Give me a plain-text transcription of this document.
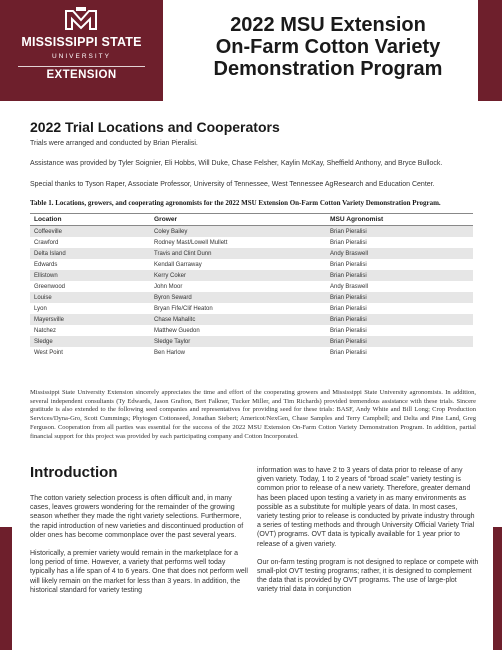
MISSISSIPPI STATE
UNIVERSITY
EXTENSION
2022 MSU Extension
On-Farm Cotton Variety
Demonstration Program
2022 Trial Locations and Cooperators
Trials were arranged and conducted by Brian Pieralisi.
Assistance was provided by Tyler Soignier, Eli Hobbs, Will Duke, Chase Felsher, Kaylin McKay, Sheffield Anthony, and Bryce Bullock.
Special thanks to Tyson Raper, Associate Professor, University of Tennessee, West Tennessee AgResearch and Education Center.
Table 1. Locations, growers, and cooperating agronomists for the 2022 MSU Extension On-Farm Cotton Variety Demonstration Program.
Location	Grower	MSU Agronomist
Coffeeville	Coley Bailey	Brian Pieralisi
Crawford	Rodney Mast/Lowell Mullett	Brian Pieralisi
Delta Island	Travis and Clint Dunn	Andy Braswell
Edwards	Kendall Garraway	Brian Pieralisi
Ellistown	Kerry Coker	Brian Pieralisi
Greenwood	John Moor	Andy Braswell
Louise	Byron Seward	Brian Pieralisi
Lyon	Bryan Fife/Clif Heaton	Brian Pieralisi
Mayersville	Chase Mahalitc	Brian Pieralisi
Natchez	Matthew Guedon	Brian Pieralisi
Sledge	Sledge Taylor	Brian Pieralisi
West Point	Ben Harlow	Brian Pieralisi
Mississippi State University Extension sincerely appreciates the time and effort of the cooperating growers and Mississippi State University agronomists. In addition, several independent consultants (Ty Edwards, Jason Grafton, Bert Falkner, Tucker Miller, and Tim Richards) provided tremendous assistance with these trials. Sincere gratitude is also extended to the following seed companies and representatives for providing seed for these trials: BASF, Andy White and Bill Long; Crop Production Services/Dyna-Gro, Scott Cummings; Phytogen Cottonseed, Jonathan Siebert; Americot/NexGen, Chase Samples and Terry Campbell; and Delta and Pine Land, Greg Ferguson. Cooperation from all parties was essential for the success of the 2022 MSU Extension On-Farm Cotton Variety Demonstration Program. In addition, partial financial support for this project was provided by each participating company and Cotton Incorporated.
Introduction

The cotton variety selection process is often difficult and, in many cases, leaves growers wondering for the remainder of the growing season whether they made the right variety selections. Furthermore, the rapid introduction of new varieties and discontinued production of older ones has become commonplace over the past several years.

Historically, a premier variety would remain in the marketplace for a long period of time. However, a variety that performs well today typically has a life span of 4 to 6 years. One that does not perform well will likely remain on the market for less than 3 years. In addition, the historical standard for variety testing

information was to have 2 to 3 years of data prior to release of any given variety. Today, 1 to 2 years of “broad scale” variety testing is common prior to release of a new variety. Therefore, greater demand has been placed upon testing a variety in as many environments as possible as a substitute for multiple years of data. In most cases, variety testing prior to release is conducted by private industry through a series of testing methods and through University Official Variety Trial (OVT) programs. OVT data is typically available for 1 year prior to release of a given variety.

Our on-farm testing program is not designed to replace or compete with small-plot OVT testing programs; rather, it is designed to complement the data that is provided by OVT programs. The use of large-plot variety trial data in conjunction
